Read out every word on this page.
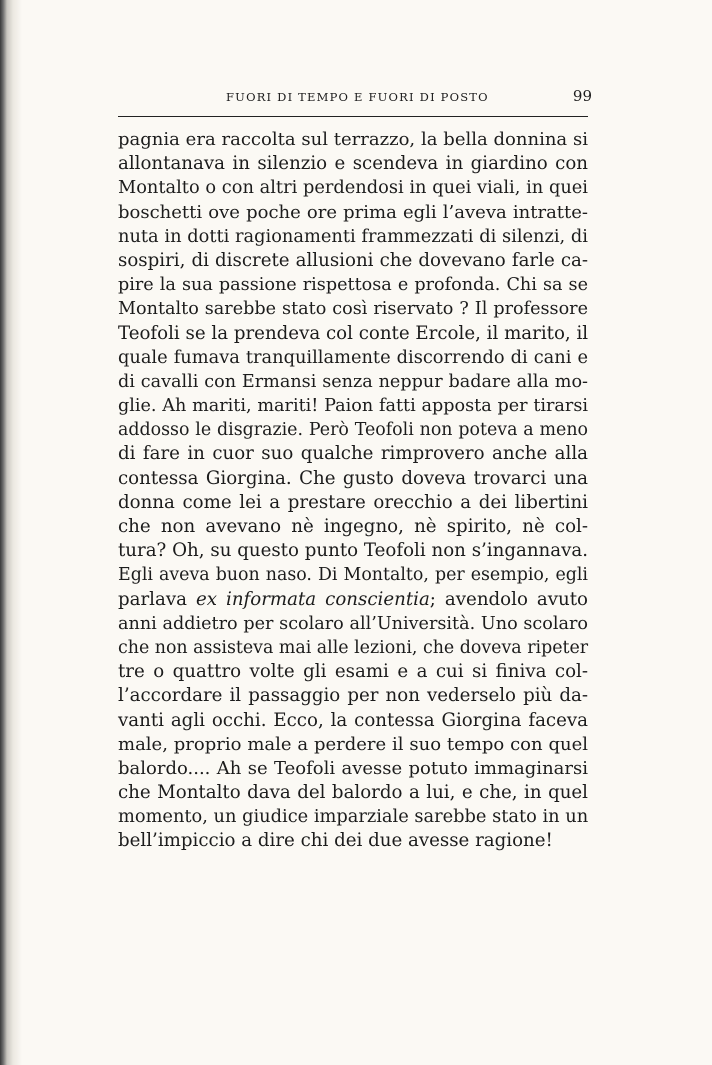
FUORI DI TEMPO E FUORI DI POSTO	99
pagnia era raccolta sul terrazzo, la bella donnina si
allontanava in silenzio e scendeva in giardino con
Montalto o con altri perdendosi in quei viali, in quei
boschetti ove poche ore prima egli l’aveva intratte-
nuta in dotti ragionamenti frammezzati di silenzi, di
sospiri, di discrete allusioni che dovevano farle ca-
pire la sua passione rispettosa e profonda. Chi sa se
Montalto sarebbe stato così riservato ? Il professore
Teofoli se la prendeva col conte Ercole, il marito, il
quale fumava tranquillamente discorrendo di cani e
di cavalli con Ermansi senza neppur badare alla mo-
glie. Ah mariti, mariti! Paion fatti apposta per tirarsi
addosso le disgrazie. Però Teofoli non poteva a meno
di fare in cuor suo qualche rimprovero anche alla
contessa Giorgina. Che gusto doveva trovarci una
donna come lei a prestare orecchio a dei libertini
che non avevano nè ingegno, nè spirito, nè col-
tura? Oh, su questo punto Teofoli non s’ingannava.
Egli aveva buon naso. Di Montalto, per esempio, egli
parlava ex informata conscientia; avendolo avuto
anni addietro per scolaro all’Università. Uno scolaro
che non assisteva mai alle lezioni, che doveva ripeter
tre o quattro volte gli esami e a cui si finiva col-
l’accordare il passaggio per non vederselo più da-
vanti agli occhi. Ecco, la contessa Giorgina faceva
male, proprio male a perdere il suo tempo con quel
balordo.... Ah se Teofoli avesse potuto immaginarsi
che Montalto dava del balordo a lui, e che, in quel
momento, un giudice imparziale sarebbe stato in un
bell’impiccio a dire chi dei due avesse ragione!
